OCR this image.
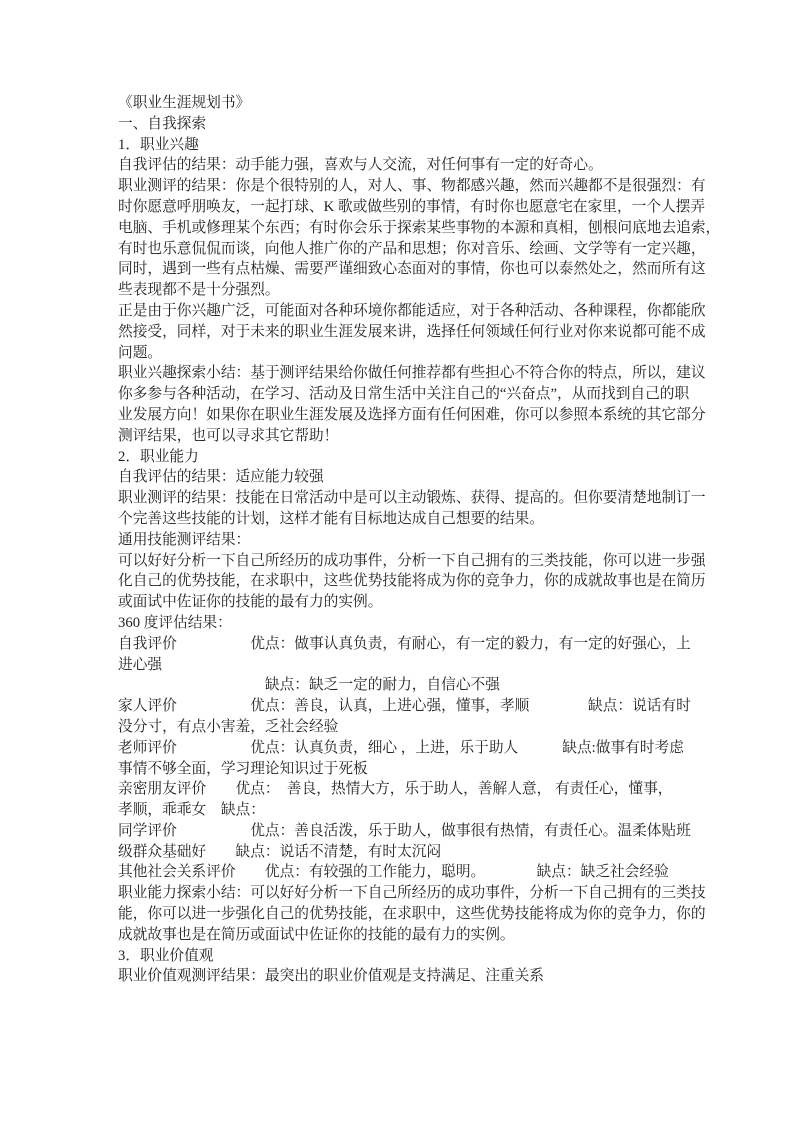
《职业生涯规划书》
一、自我探索
1．职业兴趣
自我评估的结果：动手能力强，喜欢与人交流，对任何事有一定的好奇心。
职业测评的结果：你是个很特别的人，对人、事、物都感兴趣，然而兴趣都不是很强烈：有
时你愿意呼朋唤友，一起打球、K 歌或做些别的事情，有时你也愿意宅在家里，一个人摆弄
电脑、手机或修理某个东西；有时你会乐于探索某些事物的本源和真相，刨根问底地去追索，
有时也乐意侃侃而谈，向他人推广你的产品和思想；你对音乐、绘画、文学等有一定兴趣，
同时，遇到一些有点枯燥、需要严谨细致心态面对的事情，你也可以泰然处之，然而所有这
些表现都不是十分强烈。
正是由于你兴趣广泛，可能面对各种环境你都能适应，对于各种活动、各种课程，你都能欣
然接受，同样，对于未来的职业生涯发展来讲，选择任何领域任何行业对你来说都可能不成
问题。
职业兴趣探索小结：基于测评结果给你做任何推荐都有些担心不符合你的特点，所以，建议
你多参与各种活动，在学习、活动及日常生活中关注自己的“兴奋点”，从而找到自己的职
业发展方向！如果你在职业生涯发展及选择方面有任何困难，你可以参照本系统的其它部分
测评结果，也可以寻求其它帮助！
2．职业能力
自我评估的结果：适应能力较强
职业测评的结果：技能在日常活动中是可以主动锻炼、获得、提高的。但你要清楚地制订一
个完善这些技能的计划，这样才能有目标地达成自己想要的结果。
通用技能测评结果：
可以好好分析一下自己所经历的成功事件，分析一下自己拥有的三类技能，你可以进一步强
化自己的优势技能，在求职中，这些优势技能将成为你的竞争力，你的成就故事也是在简历
或面试中佐证你的技能的最有力的实例。
360 度评估结果：
自我评价　　　　　优点：做事认真负责，有耐心，有一定的毅力，有一定的好强心，上
进心强
　　　　　　　　　　缺点：缺乏一定的耐力，自信心不强
家人评价　　　　　优点：善良，认真，上进心强，懂事，孝顺　　　　缺点：说话有时
没分寸，有点小害羞，乏社会经验
老师评价　　　　　优点：认真负责，细心 ，上进，乐于助人　　　缺点:做事有时考虑
事情不够全面，学习理论知识过于死板
亲密朋友评价　　优点：　善良，热情大方，乐于助人，善解人意， 有责任心，懂事，
孝顺，乖乖女　缺点：
同学评价　　　　　优点：善良活泼，乐于助人，做事很有热情，有责任心。温柔体贴班
级群众基础好　　缺点：说话不清楚，有时太沉闷
其他社会关系评价　　优点：有较强的工作能力，聪明。　　　　缺点：缺乏社会经验
职业能力探索小结：可以好好分析一下自己所经历的成功事件，分析一下自己拥有的三类技
能，你可以进一步强化自己的优势技能，在求职中，这些优势技能将成为你的竞争力，你的
成就故事也是在简历或面试中佐证你的技能的最有力的实例。
3．职业价值观
职业价值观测评结果：最突出的职业价值观是支持满足、注重关系
